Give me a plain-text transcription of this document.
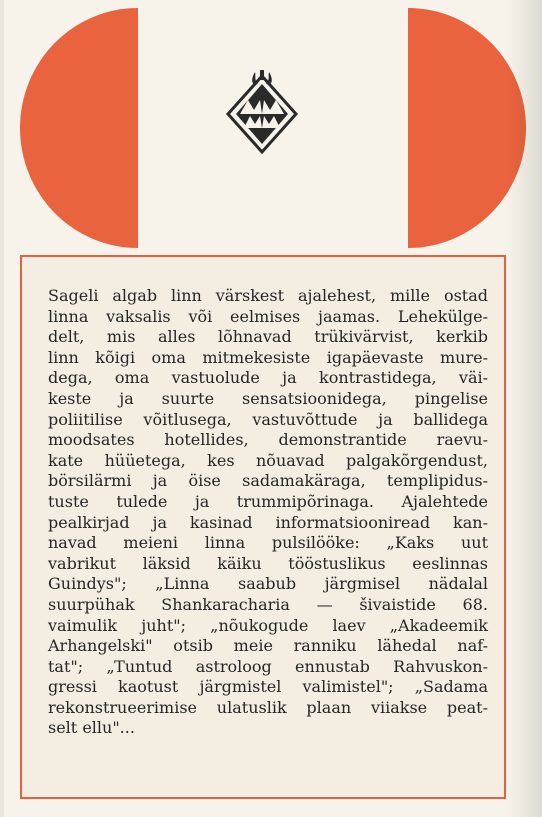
Sageli algab linn värskest ajalehest, mille ostad
linna vaksalis või eelmises jaamas. Lehekülge-
delt, mis alles lõhnavad trükivärvist, kerkib
linn kõigi oma mitmekesiste igapäevaste mure-
dega, oma vastuolude ja kontrastidega, väi-
keste ja suurte sensatsioonidega, pingelise
poliitilise võitlusega, vastuvõttude ja ballidega
moodsates hotellides, demonstrantide raevu-
kate hüüetega, kes nõuavad palgakõrgendust,
börsilärmi ja öise sadamakäraga, templipidus-
tuste tulede ja trummipõrinaga. Ajalehtede
pealkirjad ja kasinad informatsiooniread kan-
navad meieni linna pulsilööke: „Kaks uut
vabrikut läksid käiku tööstuslikus eeslinnas
Guindys"; „Linna saabub järgmisel nädalal
suurpühak Shankaracharia — šivaistide 68.
vaimulik juht"; „nõukogude laev „Akadeemik
Arhangelski" otsib meie ranniku lähedal naf-
tat"; „Tuntud astroloog ennustab Rahvuskon-
gressi kaotust järgmistel valimistel"; „Sadama
rekonstrueerimise ulatuslik plaan viiakse peat-
selt ellu"...
